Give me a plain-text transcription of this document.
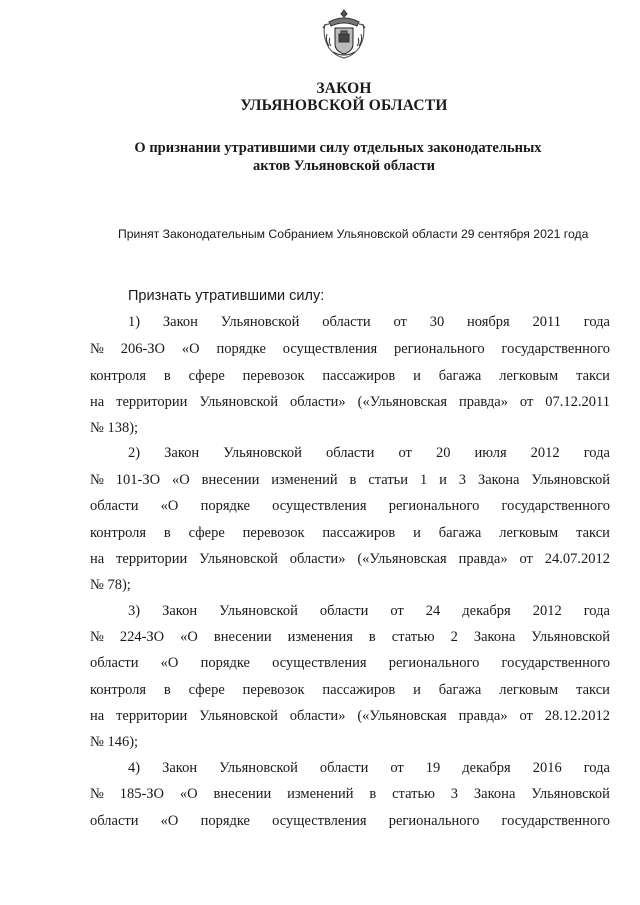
ЗАКОН
УЛЬЯНОВСКОЙ ОБЛАСТИ
О признании утратившими силу отдельных законодательных
актов Ульяновской области
Принят Законодательным Собранием Ульяновской области 29 сентября 2021 года
Признать утратившими силу:
1) Закон Ульяновской области от 30 ноября 2011 года
№ 206-ЗО «О порядке осуществления регионального государственного
контроля в сфере перевозок пассажиров и багажа легковым такси
на территории Ульяновской области» («Ульяновская правда» от 07.12.2011
№ 138);
2) Закон Ульяновской области от 20 июля 2012 года
№ 101-ЗО «О внесении изменений в статьи 1 и 3 Закона Ульяновской
области «О порядке осуществления регионального государственного
контроля в сфере перевозок пассажиров и багажа легковым такси
на территории Ульяновской области» («Ульяновская правда» от 24.07.2012
№ 78);
3) Закон Ульяновской области от 24 декабря 2012 года
№ 224-ЗО «О внесении изменения в статью 2 Закона Ульяновской
области «О порядке осуществления регионального государственного
контроля в сфере перевозок пассажиров и багажа легковым такси
на территории Ульяновской области» («Ульяновская правда» от 28.12.2012
№ 146);
4) Закон Ульяновской области от 19 декабря 2016 года
№ 185-ЗО «О внесении изменений в статью 3 Закона Ульяновской
области «О порядке осуществления регионального государственного
